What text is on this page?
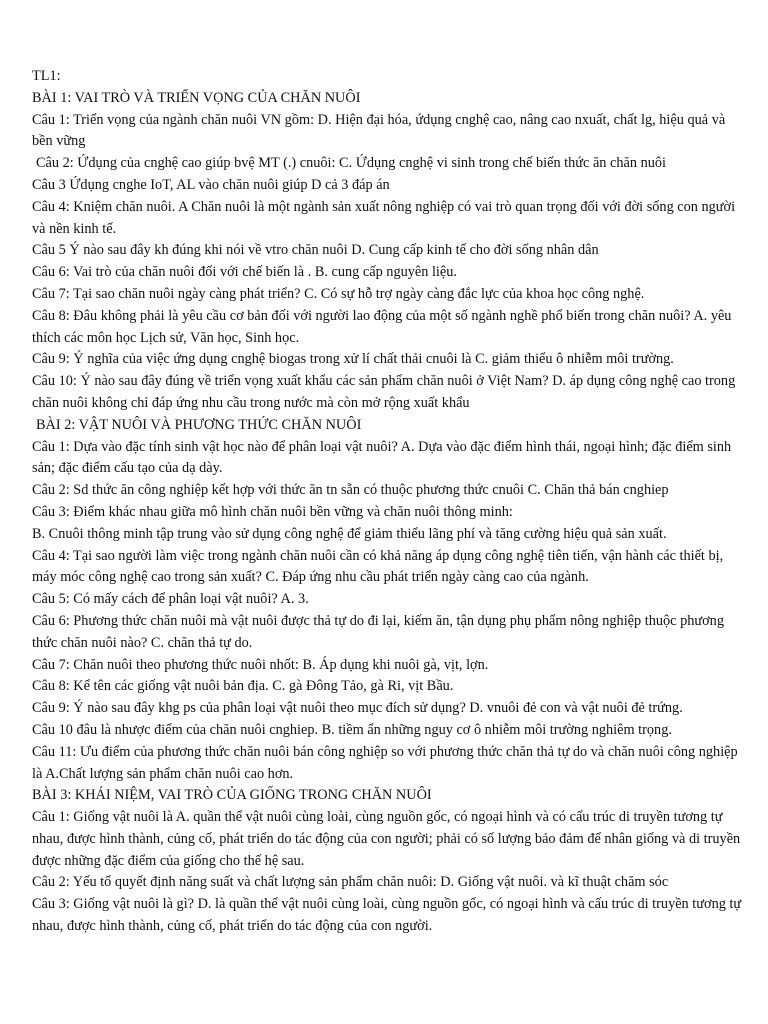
TL1:
BÀI 1: VAI TRÒ VÀ TRIỂN VỌNG CỦA CHĂN NUÔI
Câu 1: Triển vọng của ngành chăn nuôi VN gồm: D. Hiện đại hóa, ứdụng cnghệ cao, nâng cao nxuất, chất lg, hiệu quả và bền vững
Câu 2: Ứdụng của cnghệ cao giúp bvệ MT (.) cnuôi: C. Ứdụng cnghệ vi sinh trong chế biến thức ăn chăn nuôi
Câu 3 Ứdụng cnghe IoT, AL vào chăn nuôi giúp D cả 3 đáp án
Câu 4: Kniệm chăn nuôi. A Chăn nuôi là một ngành sản xuất nông nghiệp có vai trò quan trọng đối với đời sống con người và nền kinh tế.
Câu 5 Ý nào sau đây kh đúng khi nói về vtro chăn nuôi D. Cung cấp kinh tế cho đời sống nhân dân
Câu 6: Vai trò của chăn nuôi đối với chế biến là . B. cung cấp nguyên liệu.
Câu 7: Tại sao chăn nuôi ngày càng phát triển? C. Có sự hỗ trợ ngày càng đắc lực của khoa học công nghệ.
Câu 8: Đâu không phải là yêu cầu cơ bản đối với người lao động của một số ngành nghề phổ biến trong chăn nuôi? A. yêu thích các môn học Lịch sử, Văn học, Sinh học.
Câu 9: Ý nghĩa của việc ứng dụng cnghệ biogas trong xử lí chất thải cnuôi là C. giảm thiểu ô nhiễm môi trường.
Câu 10: Ý nào sau đây đúng về triển vọng xuất khẩu các sản phẩm chăn nuôi ở Việt Nam? D. áp dụng công nghệ cao trong chăn nuôi không chỉ đáp ứng nhu cầu trong nước mà còn mở rộng xuất khẩu
BÀI 2: VẬT NUÔI VÀ PHƯƠNG THỨC CHĂN NUÔI
Câu 1: Dựa vào đặc tính sinh vật học nào để phân loại vật nuôi? A. Dựa vào đặc điểm hình thái, ngoại hình; đặc điểm sinh sản; đặc điểm cấu tạo của dạ dày.
Câu 2: Sd thức ăn công nghiệp kết hợp với thức ăn tn sẵn có thuộc phương thức cnuôi C. Chăn thả bán cnghiep
Câu 3: Điểm khác nhau giữa mô hình chăn nuôi bền vững và chăn nuôi thông minh:
B. Cnuôi thông minh tập trung vào sử dụng công nghệ để giảm thiểu lãng phí và tăng cường hiệu quả sản xuất.
Câu 4: Tại sao người làm việc trong ngành chăn nuôi cần có khả năng áp dụng công nghệ tiên tiến, vận hành các thiết bị, máy móc công nghệ cao trong sản xuất? C. Đáp ứng nhu cầu phát triển ngày càng cao của ngành.
Câu 5: Có mấy cách để phân loại vật nuôi? A. 3.
Câu 6: Phương thức chăn nuôi mà vật nuôi được thả tự do đi lại, kiếm ăn, tận dụng phụ phẩm nông nghiệp thuộc phương thức chăn nuôi nào? C. chăn thả tự do.
Câu 7: Chăn nuôi theo phương thức nuôi nhốt: B. Áp dụng khi nuôi gà, vịt, lợn.
Câu 8: Kể tên các giống vật nuôi bản địa. C. gà Đông Tảo, gà Ri, vịt Bầu.
Câu 9: Ý nào sau đây khg ps của phân loại vật nuôi theo mục đích sử dụng? D. vnuôi đẻ con và vật nuôi đẻ trứng.
Câu 10 đâu là nhược điểm của chăn nuôi cnghiep. B. tiềm ẩn những nguy cơ ô nhiễm môi trường nghiêm trọng.
Câu 11: Ưu điểm của phương thức chăn nuôi bán công nghiệp so với phương thức chăn thả tự do và chăn nuôi công nghiệp là A.Chất lượng sản phẩm chăn nuôi cao hơn.
BÀI 3: KHÁI NIỆM, VAI TRÒ CỦA GIỐNG TRONG CHĂN NUÔI
Câu 1: Giống vật nuôi là A. quần thể vật nuôi cùng loài, cùng nguồn gốc, có ngoại hình và có cấu trúc di truyền tương tự nhau, được hình thành, củng cố, phát triển do tác động của con người; phải có số lượng bảo đảm để nhân giống và di truyền được những đặc điểm của giống cho thế hệ sau.
Câu 2: Yếu tố quyết định năng suất và chất lượng sản phẩm chăn nuôi: D. Giống vật nuôi. và kĩ thuật chăm sóc
Câu 3: Giống vật nuôi là gì? D. là quần thể vật nuôi cùng loài, cùng nguồn gốc, có ngoại hình và cấu trúc di truyền tương tự nhau, được hình thành, củng cố, phát triển do tác động của con người.
